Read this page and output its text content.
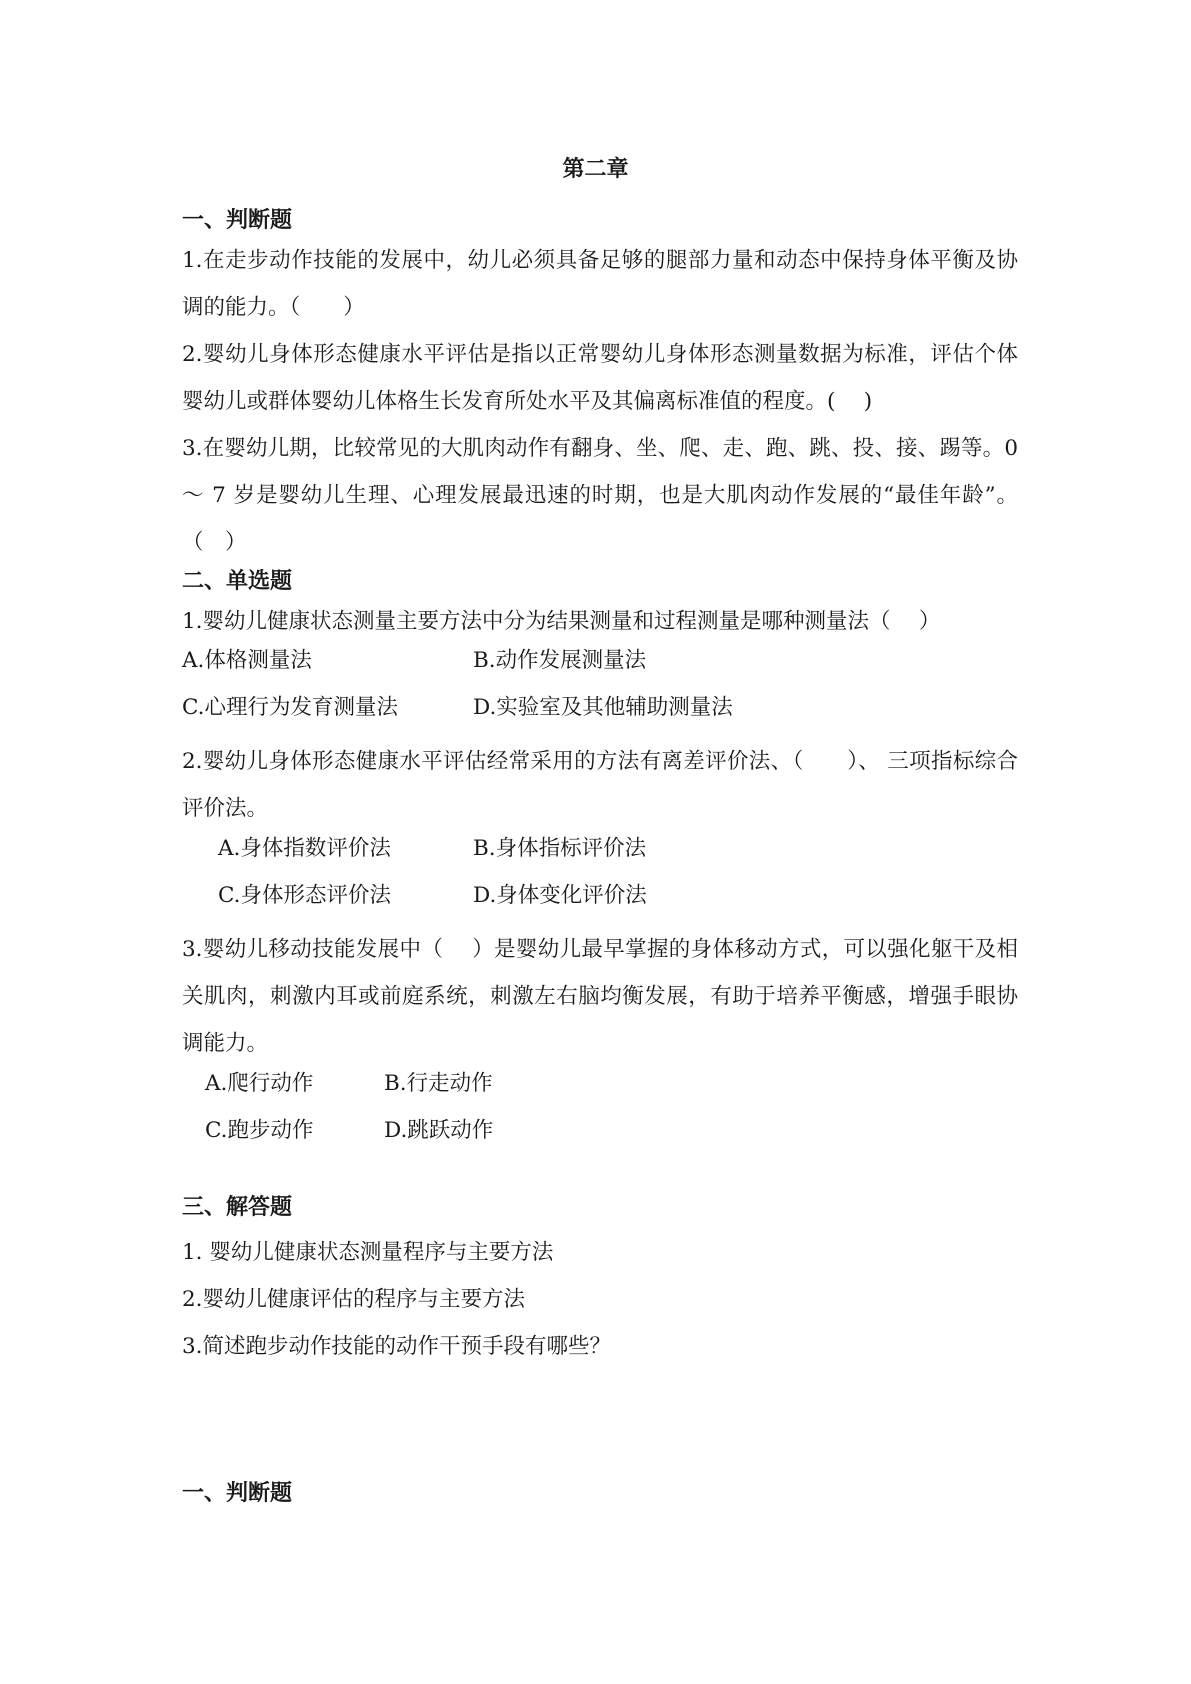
第二章
一、判断题
1.在走步动作技能的发展中，幼儿必须具备足够的腿部力量和动态中保持身体平衡及协调的能力。（　　）
2.婴幼儿身体形态健康水平评估是指以正常婴幼儿身体形态测量数据为标准，评估个体婴幼儿或群体婴幼儿体格生长发育所处水平及其偏离标准值的程度。(　 )
3.在婴幼儿期，比较常见的大肌肉动作有翻身、坐、爬、走、跑、跳、投、接、踢等。0 ～ 7 岁是婴幼儿生理、心理发展最迅速的时期，也是大肌肉动作发展的“最佳年龄”。（　）
二、单选题
1.婴幼儿健康状态测量主要方法中分为结果测量和过程测量是哪种测量法（　 ）
A.体格测量法	B.动作发展测量法
C.心理行为发育测量法	D.实验室及其他辅助测量法
2.婴幼儿身体形态健康水平评估经常采用的方法有离差评价法、（　　）、 三项指标综合评价法。
A.身体指数评价法	B.身体指标评价法
C.身体形态评价法	D.身体变化评价法
3.婴幼儿移动技能发展中（　 ）是婴幼儿最早掌握的身体移动方式，可以强化躯干及相关肌肉，刺激内耳或前庭系统，刺激左右脑均衡发展，有助于培养平衡感，增强手眼协调能力。
A.爬行动作	B.行走动作
C.跑步动作	D.跳跃动作
三、解答题
1. 婴幼儿健康状态测量程序与主要方法
2.婴幼儿健康评估的程序与主要方法
3.简述跑步动作技能的动作干预手段有哪些？
一、判断题
